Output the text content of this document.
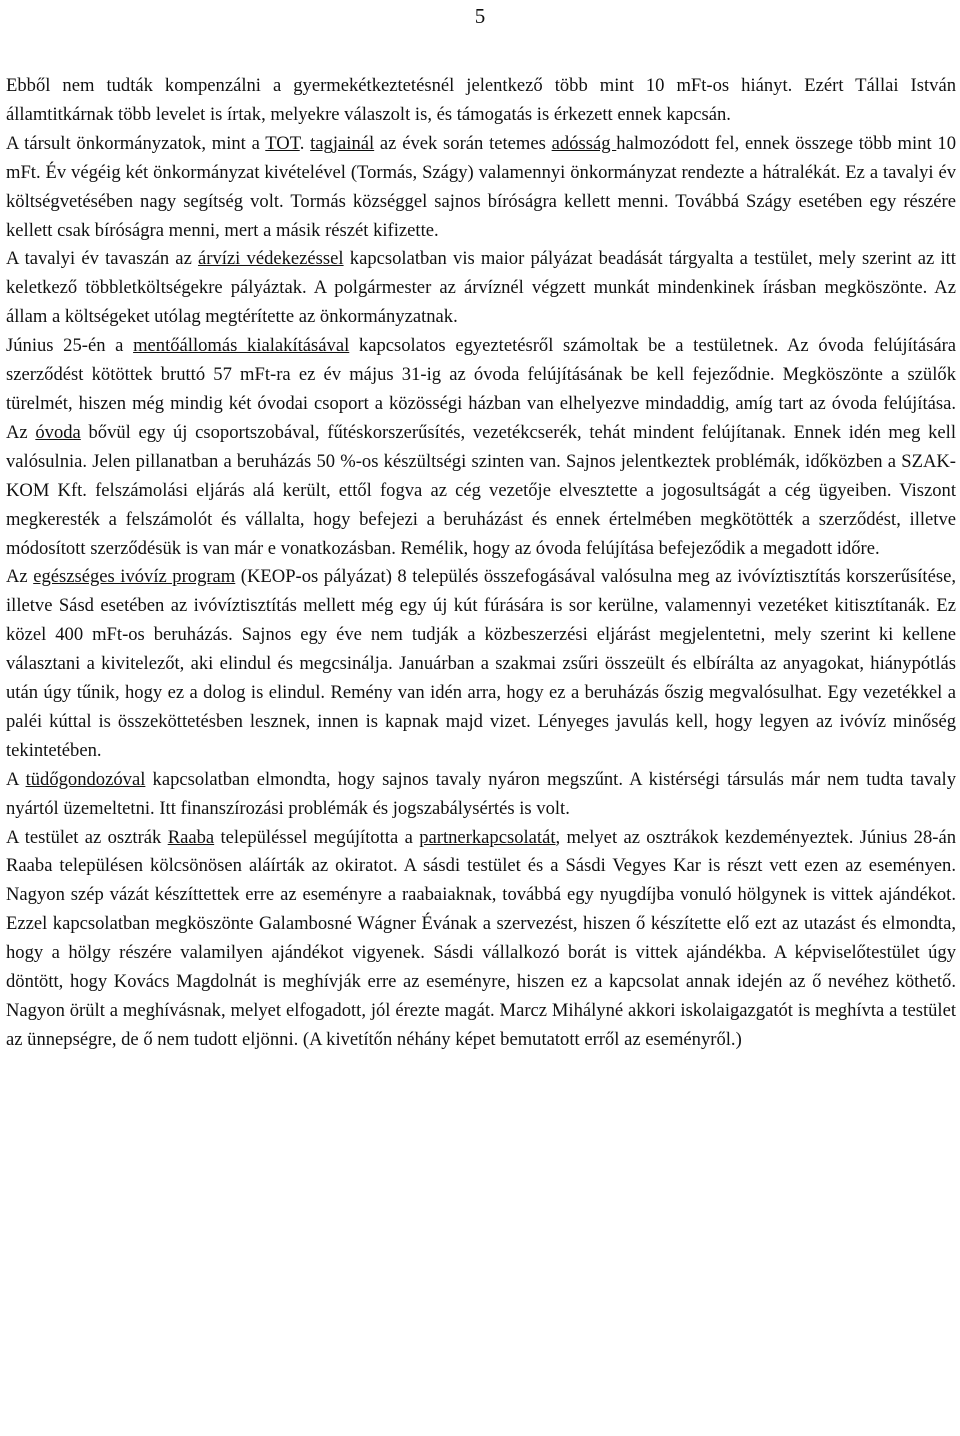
5

Ebből nem tudták kompenzálni a gyermekétkeztetésnél jelentkező több mint 10 mFt-os hiányt. Ezért Tállai István államtitkárnak több levelet is írtak, melyekre válaszolt is, és támogatás is érkezett ennek kapcsán.

A társult önkormányzatok, mint a TOT. tagjainál az évek során tetemes adósság halmozódott fel, ennek összege több mint 10 mFt. Év végéig két önkormányzat kivételével (Tormás, Szágy) valamennyi önkormányzat rendezte a hátralékát. Ez a tavalyi év költségvetésében nagy segítség volt. Tormás községgel sajnos bíróságra kellett menni. Továbbá Szágy esetében egy részére kellett csak bíróságra menni, mert a másik részét kifizette.

A tavalyi év tavaszán az árvízi védekezéssel kapcsolatban vis maior pályázat beadását tárgyalta a testület, mely szerint az itt keletkező többletköltségekre pályáztak. A polgármester az árvíznél végzett munkát mindenkinek írásban megköszönte. Az állam a költségeket utólag megtérítette az önkormányzatnak.

Június 25-én a mentőállomás kialakításával kapcsolatos egyeztetésről számoltak be a testületnek. Az óvoda felújítására szerződést kötöttek bruttó 57 mFt-ra ez év május 31-ig az óvoda felújításának be kell fejeződnie. Megköszönte a szülők türelmét, hiszen még mindig két óvodai csoport a közösségi házban van elhelyezve mindaddig, amíg tart az óvoda felújítása. Az óvoda bővül egy új csoportszobával, fűtéskorszerűsítés, vezetékcserék, tehát mindent felújítanak. Ennek idén meg kell valósulnia. Jelen pillanatban a beruházás 50 %-os készültségi szinten van. Sajnos jelentkeztek problémák, időközben a SZAK-KOM Kft. felszámolási eljárás alá került, ettől fogva az cég vezetője elvesztette a jogosultságát a cég ügyeiben. Viszont megkeresték a felszámolót és vállalta, hogy befejezi a beruházást és ennek értelmében megkötötték a szerződést, illetve módosított szerződésük is van már e vonatkozásban. Remélik, hogy az óvoda felújítása befejeződik a megadott időre.

Az egészséges ivóvíz program (KEOP-os pályázat) 8 település összefogásával valósulna meg az ivóvíztisztítás korszerűsítése, illetve Sásd esetében az ivóvíztisztítás mellett még egy új kút fúrására is sor kerülne, valamennyi vezetéket kitisztítanák. Ez közel 400 mFt-os beruházás. Sajnos egy éve nem tudják a közbeszerzési eljárást megjelentetni, mely szerint ki kellene választani a kivitelezőt, aki elindul és megcsinálja. Januárban a szakmai zsűri összeült és elbírálta az anyagokat, hiánypótlás után úgy tűnik, hogy ez a dolog is elindul. Remény van idén arra, hogy ez a beruházás őszig megvalósulhat. Egy vezetékkel a paléi kúttal is összeköttetésben lesznek, innen is kapnak majd vizet. Lényeges javulás kell, hogy legyen az ivóvíz minőség tekintetében.

A tüdőgondozóval kapcsolatban elmondta, hogy sajnos tavaly nyáron megszűnt. A kistérségi társulás már nem tudta tavaly nyártól üzemeltetni. Itt finanszírozási problémák és jogszabálysértés is volt.

A testület az osztrák Raaba településsel megújította a partnerkapcsolatát, melyet az osztrákok kezdeményeztek. Június 28-án Raaba településen kölcsönösen aláírták az okiratot. A sásdi testület és a Sásdi Vegyes Kar is részt vett ezen az eseményen. Nagyon szép vázát készíttettek erre az eseményre a raabaiaknak, továbbá egy nyugdíjba vonuló hölgynek is vittek ajándékot. Ezzel kapcsolatban megköszönte Galambosné Wágner Évának a szervezést, hiszen ő készítette elő ezt az utazást és elmondta, hogy a hölgy részére valamilyen ajándékot vigyenek. Sásdi vállalkozó borát is vittek ajándékba. A képviselőtestület úgy döntött, hogy Kovács Magdolnát is meghívják erre az eseményre, hiszen ez a kapcsolat annak idején az ő nevéhez köthető. Nagyon örült a meghívásnak, melyet elfogadott, jól érezte magát. Marcz Mihályné akkori iskolaigazgatót is meghívta a testület az ünnepségre, de ő nem tudott eljönni. (A kivetítőn néhány képet bemutatott erről az eseményről.)
